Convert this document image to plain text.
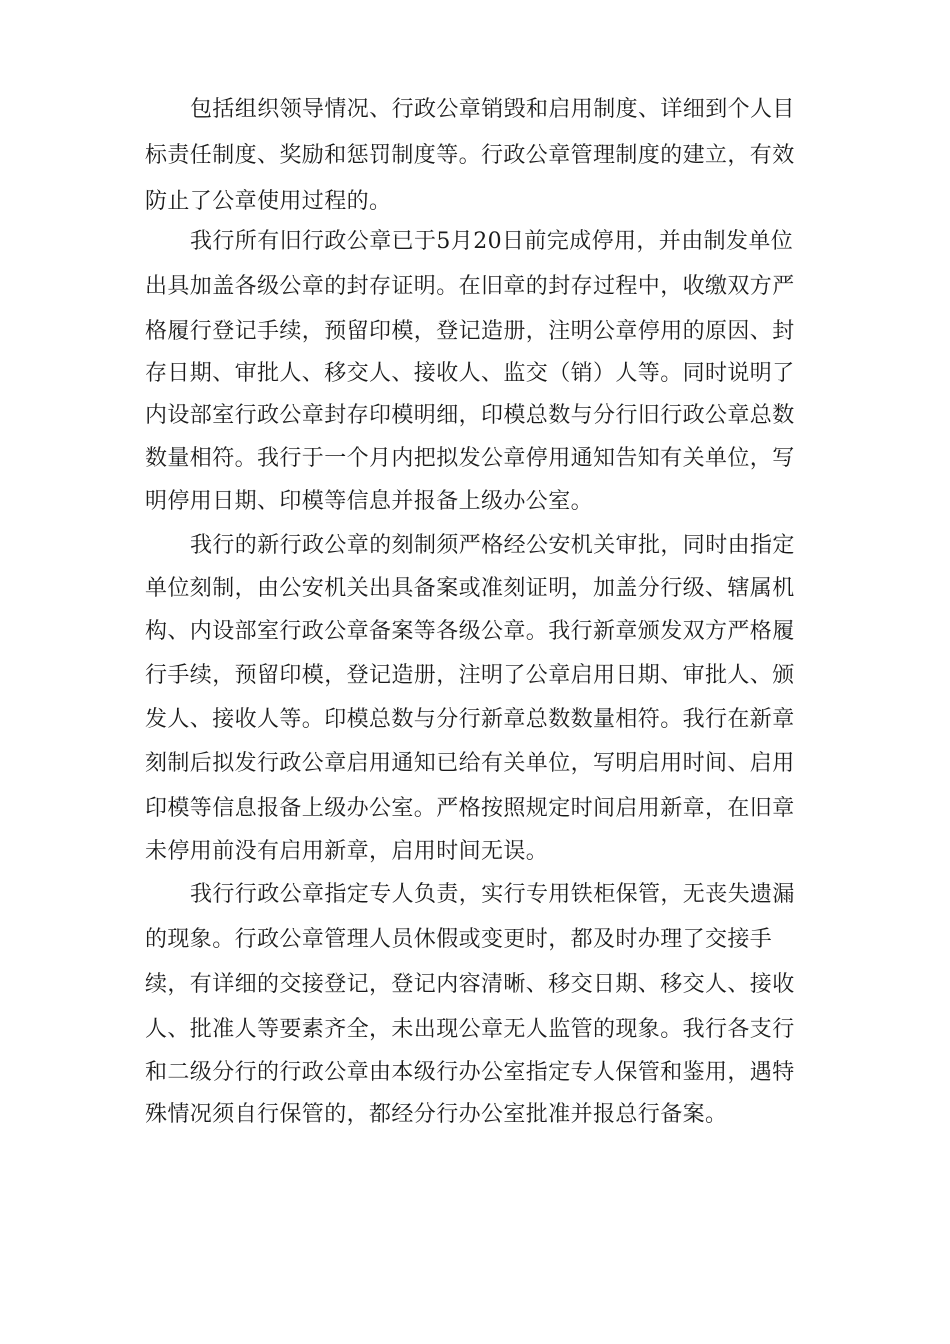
包括组织领导情况、行政公章销毁和启用制度、详细到个人目
标责任制度、奖励和惩罚制度等。行政公章管理制度的建立，有效
防止了公章使用过程的。
我行所有旧行政公章已于5月20日前完成停用，并由制发单位
出具加盖各级公章的封存证明。在旧章的封存过程中，收缴双方严
格履行登记手续，预留印模，登记造册，注明公章停用的原因、封
存日期、审批人、移交人、接收人、监交（销）人等。同时说明了
内设部室行政公章封存印模明细，印模总数与分行旧行政公章总数
数量相符。我行于一个月内把拟发公章停用通知告知有关单位，写
明停用日期、印模等信息并报备上级办公室。
我行的新行政公章的刻制须严格经公安机关审批，同时由指定
单位刻制，由公安机关出具备案或准刻证明，加盖分行级、辖属机
构、内设部室行政公章备案等各级公章。我行新章颁发双方严格履
行手续，预留印模，登记造册，注明了公章启用日期、审批人、颁
发人、接收人等。印模总数与分行新章总数数量相符。我行在新章
刻制后拟发行政公章启用通知已给有关单位，写明启用时间、启用
印模等信息报备上级办公室。严格按照规定时间启用新章，在旧章
未停用前没有启用新章，启用时间无误。
我行行政公章指定专人负责，实行专用铁柜保管，无丧失遗漏
的现象。行政公章管理人员休假或变更时，都及时办理了交接手
续，有详细的交接登记，登记内容清晰、移交日期、移交人、接收
人、批准人等要素齐全，未出现公章无人监管的现象。我行各支行
和二级分行的行政公章由本级行办公室指定专人保管和鉴用，遇特
殊情况须自行保管的，都经分行办公室批准并报总行备案。
